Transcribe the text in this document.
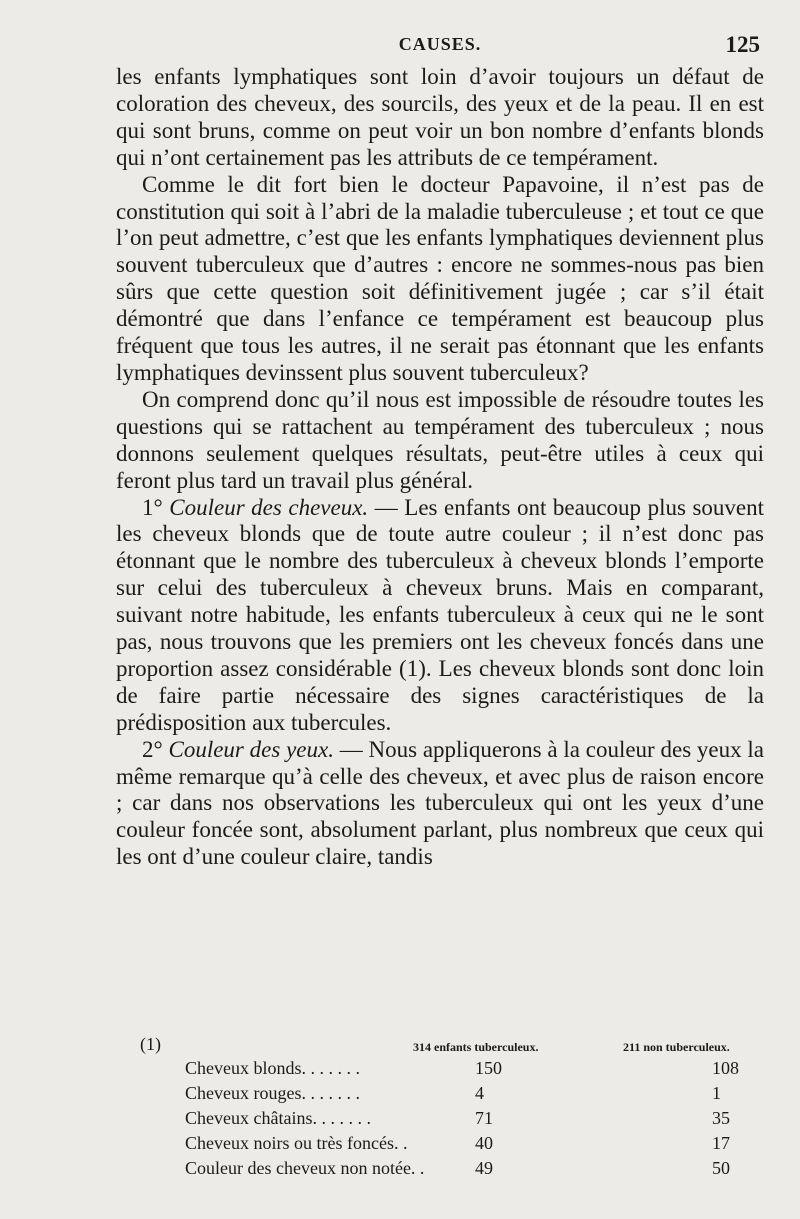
CAUSES.	125

les enfants lymphatiques sont loin d’avoir toujours un défaut de coloration des cheveux, des sourcils, des yeux et de la peau. Il en est qui sont bruns, comme on peut voir un bon nombre d’enfants blonds qui n’ont certainement pas les attributs de ce tempérament.

Comme le dit fort bien le docteur Papavoine, il n’est pas de constitution qui soit à l’abri de la maladie tuberculeuse ; et tout ce que l’on peut admettre, c’est que les enfants lymphatiques deviennent plus souvent tuberculeux que d’autres : encore ne sommes-nous pas bien sûrs que cette question soit définitivement jugée ; car s’il était démontré que dans l’enfance ce tempérament est beaucoup plus fréquent que tous les autres, il ne serait pas étonnant que les enfants lymphatiques devinssent plus souvent tuberculeux?

On comprend donc qu’il nous est impossible de résoudre toutes les questions qui se rattachent au tempérament des tuberculeux ; nous donnons seulement quelques résultats, peut-être utiles à ceux qui feront plus tard un travail plus général.

1° Couleur des cheveux. — Les enfants ont beaucoup plus souvent les cheveux blonds que de toute autre couleur ; il n’est donc pas étonnant que le nombre des tuberculeux à cheveux blonds l’emporte sur celui des tuberculeux à cheveux bruns. Mais en comparant, suivant notre habitude, les enfants tuberculeux à ceux qui ne le sont pas, nous trouvons que les premiers ont les cheveux foncés dans une proportion assez considérable (1). Les cheveux blonds sont donc loin de faire partie nécessaire des signes caractéristiques de la prédisposition aux tubercules.

2° Couleur des yeux. — Nous appliquerons à la couleur des yeux la même remarque qu’à celle des cheveux, et avec plus de raison encore ; car dans nos observations les tuberculeux qui ont les yeux d’une couleur foncée sont, absolument parlant, plus nombreux que ceux qui les ont d’une couleur claire, tandis

(1)	314 enfants tuberculeux.	211 non tuberculeux.
Cheveux blonds. . . . . . .	150	108
Cheveux rouges. . . . . . .	4	1
Cheveux châtains. . . . . . .	71	35
Cheveux noirs ou très foncés. .	40	17
Couleur des cheveux non notée. .	49	50
